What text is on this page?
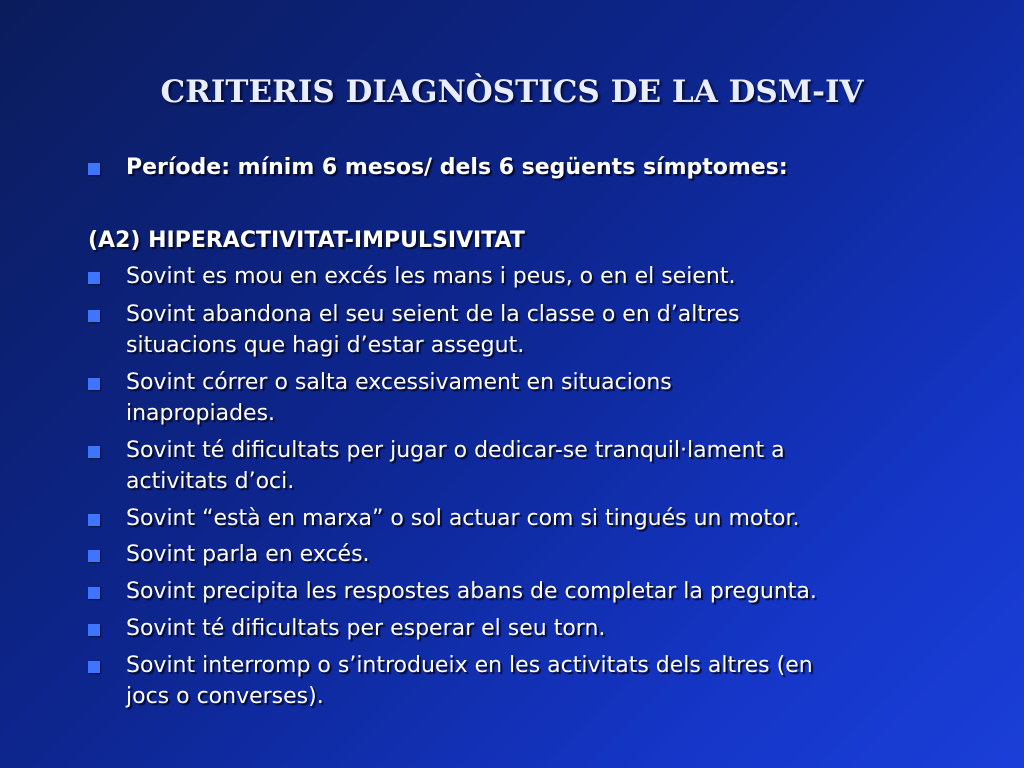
CRITERIS DIAGNÒSTICS DE LA DSM-IV
Període: mínim 6 mesos/ dels 6 següents símptomes:
(A2) HIPERACTIVITAT-IMPULSIVITAT
Sovint es mou en excés les mans i peus, o en el seient.
Sovint abandona el seu seient de la classe o en d’altres
situacions que hagi d’estar assegut.
Sovint córrer o salta excessivament en situacions
inapropiades.
Sovint té dificultats per jugar o dedicar-se tranquil·lament a
activitats d’oci.
Sovint “està en marxa” o sol actuar com si tingués un motor.
Sovint parla en excés.
Sovint precipita les respostes abans de completar la pregunta.
Sovint té dificultats per esperar el seu torn.
Sovint interromp o s’introdueix en les activitats dels altres (en
jocs o converses).
